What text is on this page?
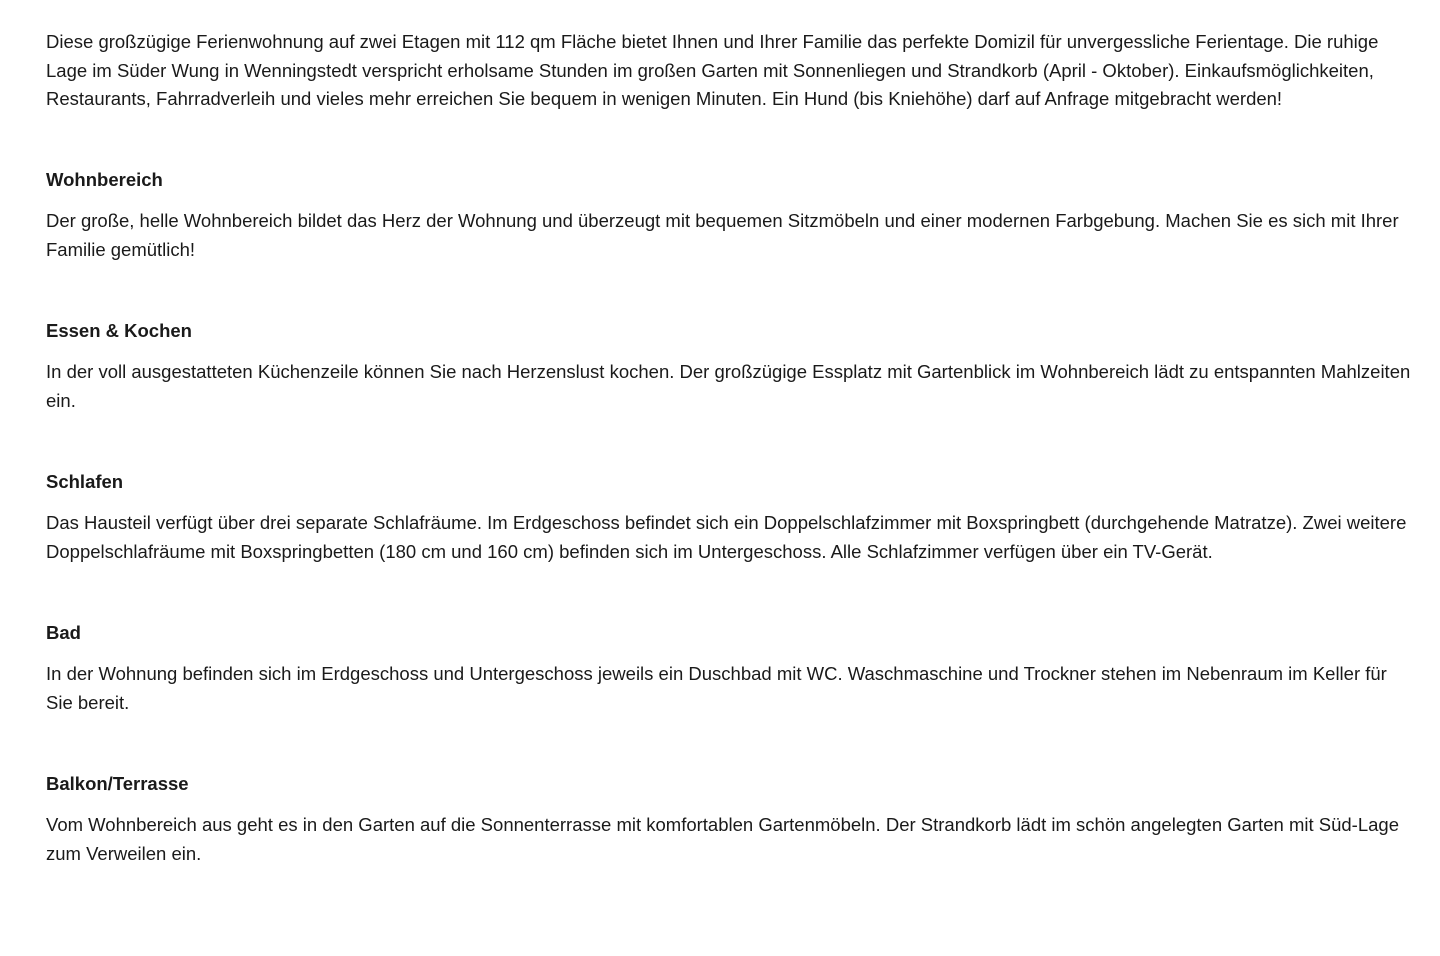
Diese großzügige Ferienwohnung auf zwei Etagen mit 112 qm Fläche bietet Ihnen und Ihrer Familie das perfekte Domizil für unvergessliche Ferientage. Die ruhige Lage im Süder Wung in Wenningstedt verspricht erholsame Stunden im großen Garten mit Sonnenliegen und Strandkorb (April - Oktober). Einkaufsmöglichkeiten, Restaurants, Fahrradverleih und vieles mehr erreichen Sie bequem in wenigen Minuten. Ein Hund (bis Kniehöhe) darf auf Anfrage mitgebracht werden!

Wohnbereich

Der große, helle Wohnbereich bildet das Herz der Wohnung und überzeugt mit bequemen Sitzmöbeln und einer modernen Farbgebung. Machen Sie es sich mit Ihrer Familie gemütlich!

Essen & Kochen

In der voll ausgestatteten Küchenzeile können Sie nach Herzenslust kochen. Der großzügige Essplatz mit Gartenblick im Wohnbereich lädt zu entspannten Mahlzeiten ein.

Schlafen

Das Hausteil verfügt über drei separate Schlafräume. Im Erdgeschoss befindet sich ein Doppelschlafzimmer mit Boxspringbett (durchgehende Matratze). Zwei weitere Doppelschlafräume mit Boxspringbetten (180 cm und 160 cm) befinden sich im Untergeschoss. Alle Schlafzimmer verfügen über ein TV-Gerät.

Bad

In der Wohnung befinden sich im Erdgeschoss und Untergeschoss jeweils ein Duschbad mit WC. Waschmaschine und Trockner stehen im Nebenraum im Keller für Sie bereit.

Balkon/Terrasse

Vom Wohnbereich aus geht es in den Garten auf die Sonnenterrasse mit komfortablen Gartenmöbeln. Der Strandkorb lädt im schön angelegten Garten mit Süd-Lage zum Verweilen ein.
